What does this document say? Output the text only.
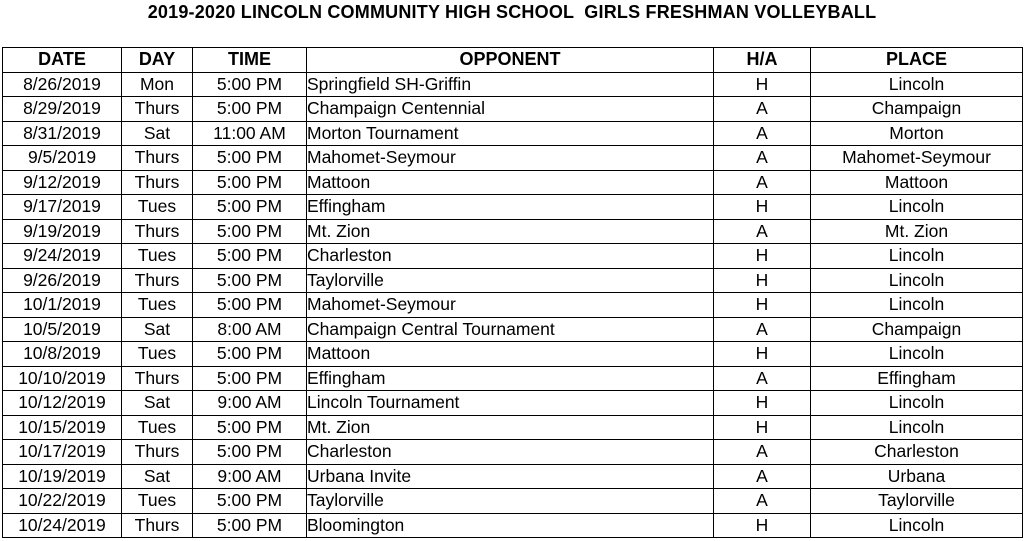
2019-2020 LINCOLN COMMUNITY HIGH SCHOOL  GIRLS FRESHMAN VOLLEYBALL
DATE	DAY	TIME	OPPONENT	H/A	PLACE
8/26/2019	Mon	5:00 PM	Springfield SH-Griffin	H	Lincoln
8/29/2019	Thurs	5:00 PM	Champaign Centennial	A	Champaign
8/31/2019	Sat	11:00 AM	Morton Tournament	A	Morton
9/5/2019	Thurs	5:00 PM	Mahomet-Seymour	A	Mahomet-Seymour
9/12/2019	Thurs	5:00 PM	Mattoon	A	Mattoon
9/17/2019	Tues	5:00 PM	Effingham	H	Lincoln
9/19/2019	Thurs	5:00 PM	Mt. Zion	A	Mt. Zion
9/24/2019	Tues	5:00 PM	Charleston	H	Lincoln
9/26/2019	Thurs	5:00 PM	Taylorville	H	Lincoln
10/1/2019	Tues	5:00 PM	Mahomet-Seymour	H	Lincoln
10/5/2019	Sat	8:00 AM	Champaign Central Tournament	A	Champaign
10/8/2019	Tues	5:00 PM	Mattoon	H	Lincoln
10/10/2019	Thurs	5:00 PM	Effingham	A	Effingham
10/12/2019	Sat	9:00 AM	Lincoln Tournament	H	Lincoln
10/15/2019	Tues	5:00 PM	Mt. Zion	H	Lincoln
10/17/2019	Thurs	5:00 PM	Charleston	A	Charleston
10/19/2019	Sat	9:00 AM	Urbana Invite	A	Urbana
10/22/2019	Tues	5:00 PM	Taylorville	A	Taylorville
10/24/2019	Thurs	5:00 PM	Bloomington	H	Lincoln
